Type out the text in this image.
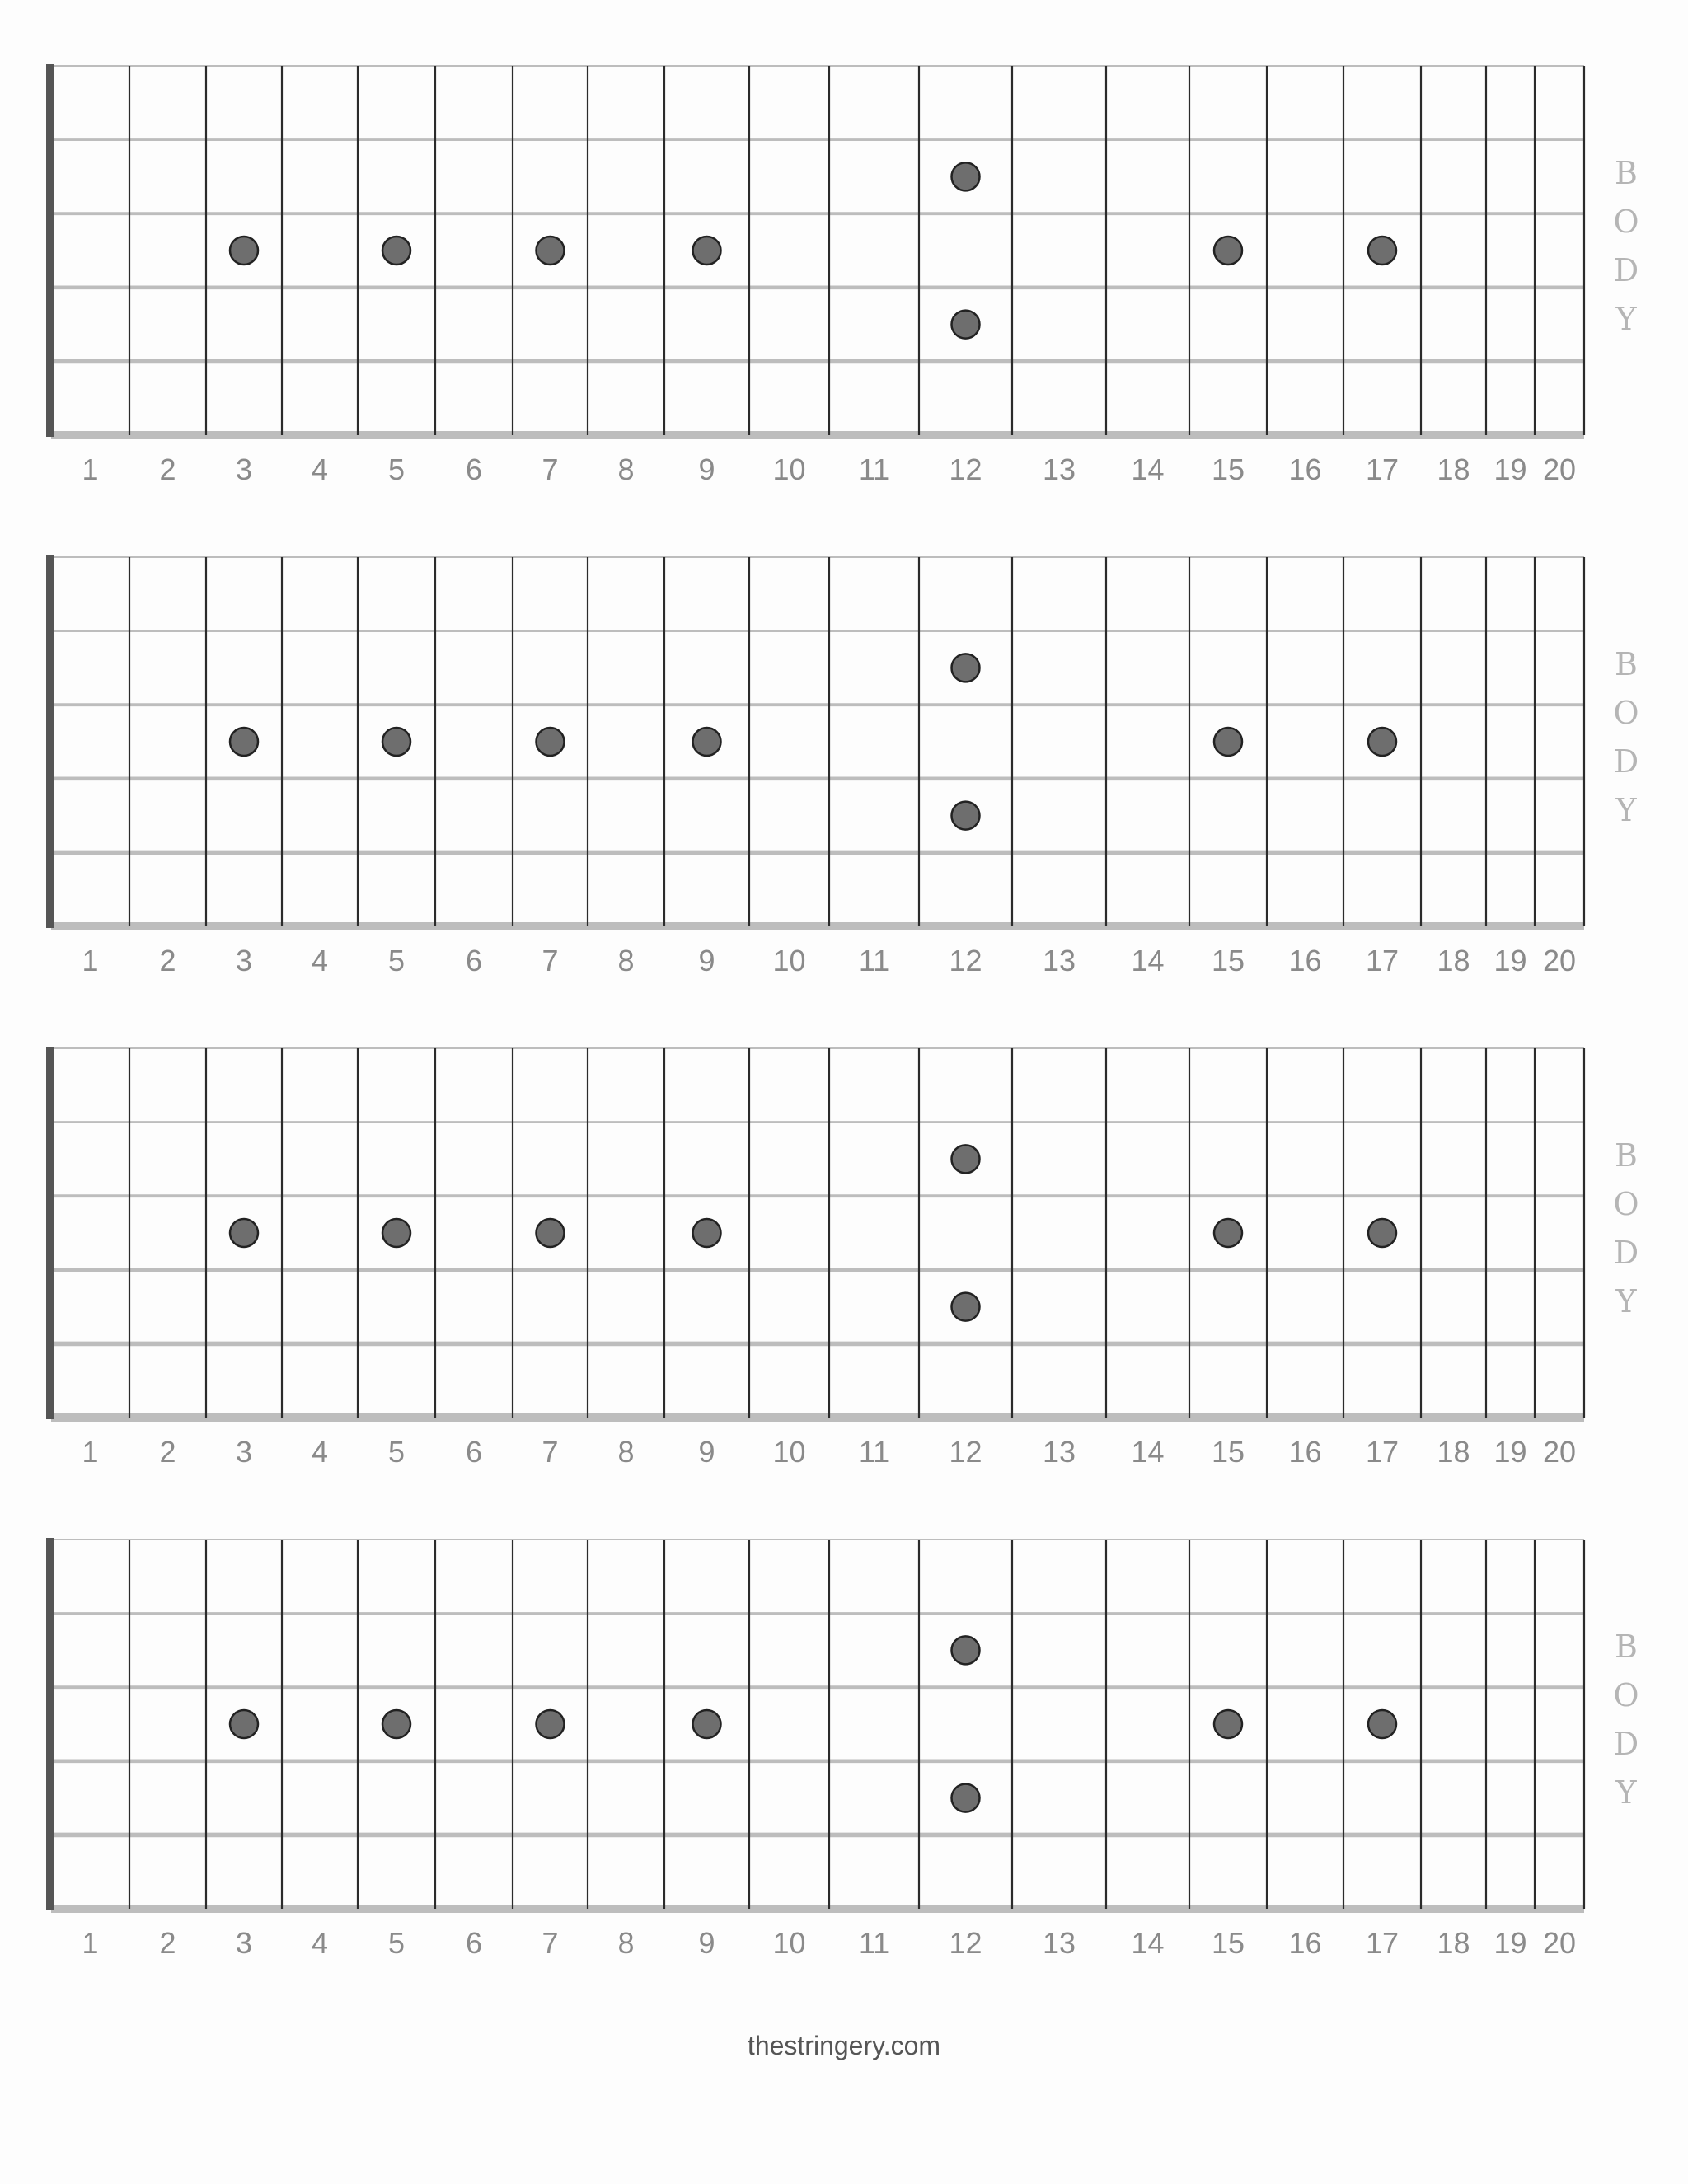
1 2 3 4 5 6 7 8 9 10 11 12 13 14 15 16 17 18 19 20
B
O
D
Y
1 2 3 4 5 6 7 8 9 10 11 12 13 14 15 16 17 18 19 20
B
O
D
Y
1 2 3 4 5 6 7 8 9 10 11 12 13 14 15 16 17 18 19 20
B
O
D
Y
1 2 3 4 5 6 7 8 9 10 11 12 13 14 15 16 17 18 19 20
B
O
D
Y
thestringery.com
